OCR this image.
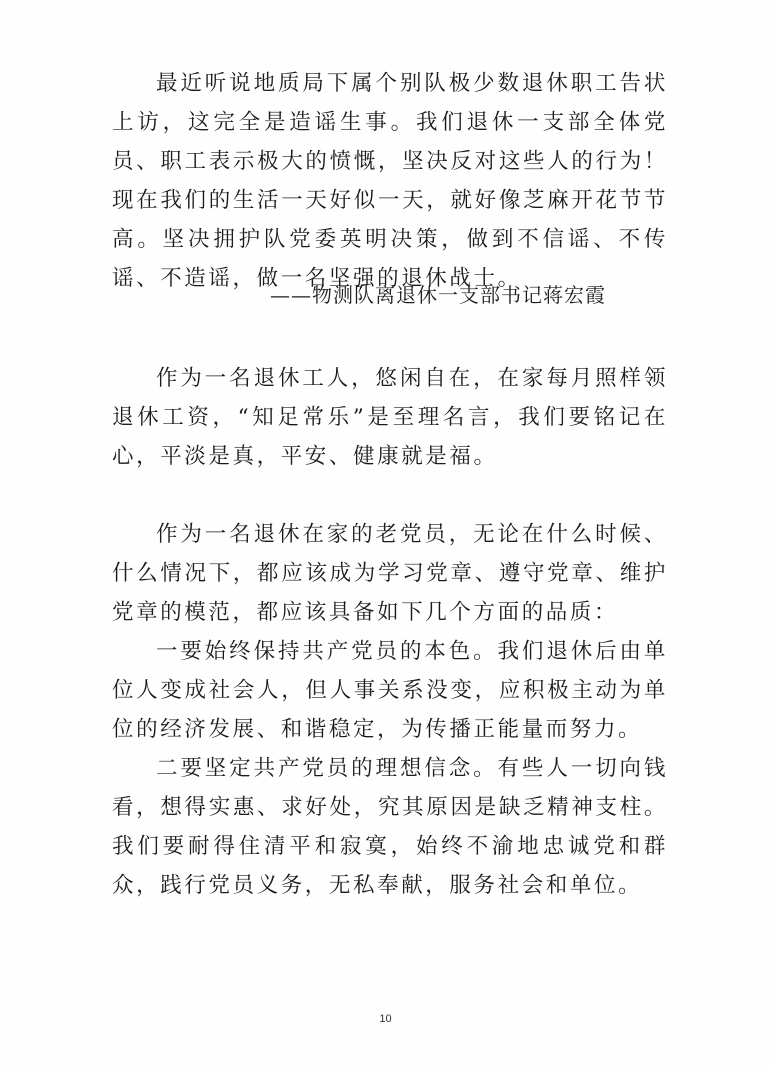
最近听说地质局下属个别队极少数退休职工告状上访，这完全是造谣生事。我们退休一支部全体党员、职工表示极大的愤慨，坚决反对这些人的行为！现在我们的生活一天好似一天，就好像芝麻开花节节高。坚决拥护队党委英明决策，做到不信谣、不传谣、不造谣，做一名坚强的退休战士。

——物测队离退休一支部书记蒋宏霞

作为一名退休工人，悠闲自在，在家每月照样领退休工资，“知足常乐”是至理名言，我们要铭记在心，平淡是真，平安、健康就是福。

作为一名退休在家的老党员，无论在什么时候、什么情况下，都应该成为学习党章、遵守党章、维护党章的模范，都应该具备如下几个方面的品质：

一要始终保持共产党员的本色。我们退休后由单位人变成社会人，但人事关系没变，应积极主动为单位的经济发展、和谐稳定，为传播正能量而努力。

二要坚定共产党员的理想信念。有些人一切向钱看，想得实惠、求好处，究其原因是缺乏精神支柱。我们要耐得住清平和寂寞，始终不渝地忠诚党和群众，践行党员义务，无私奉献，服务社会和单位。

10
